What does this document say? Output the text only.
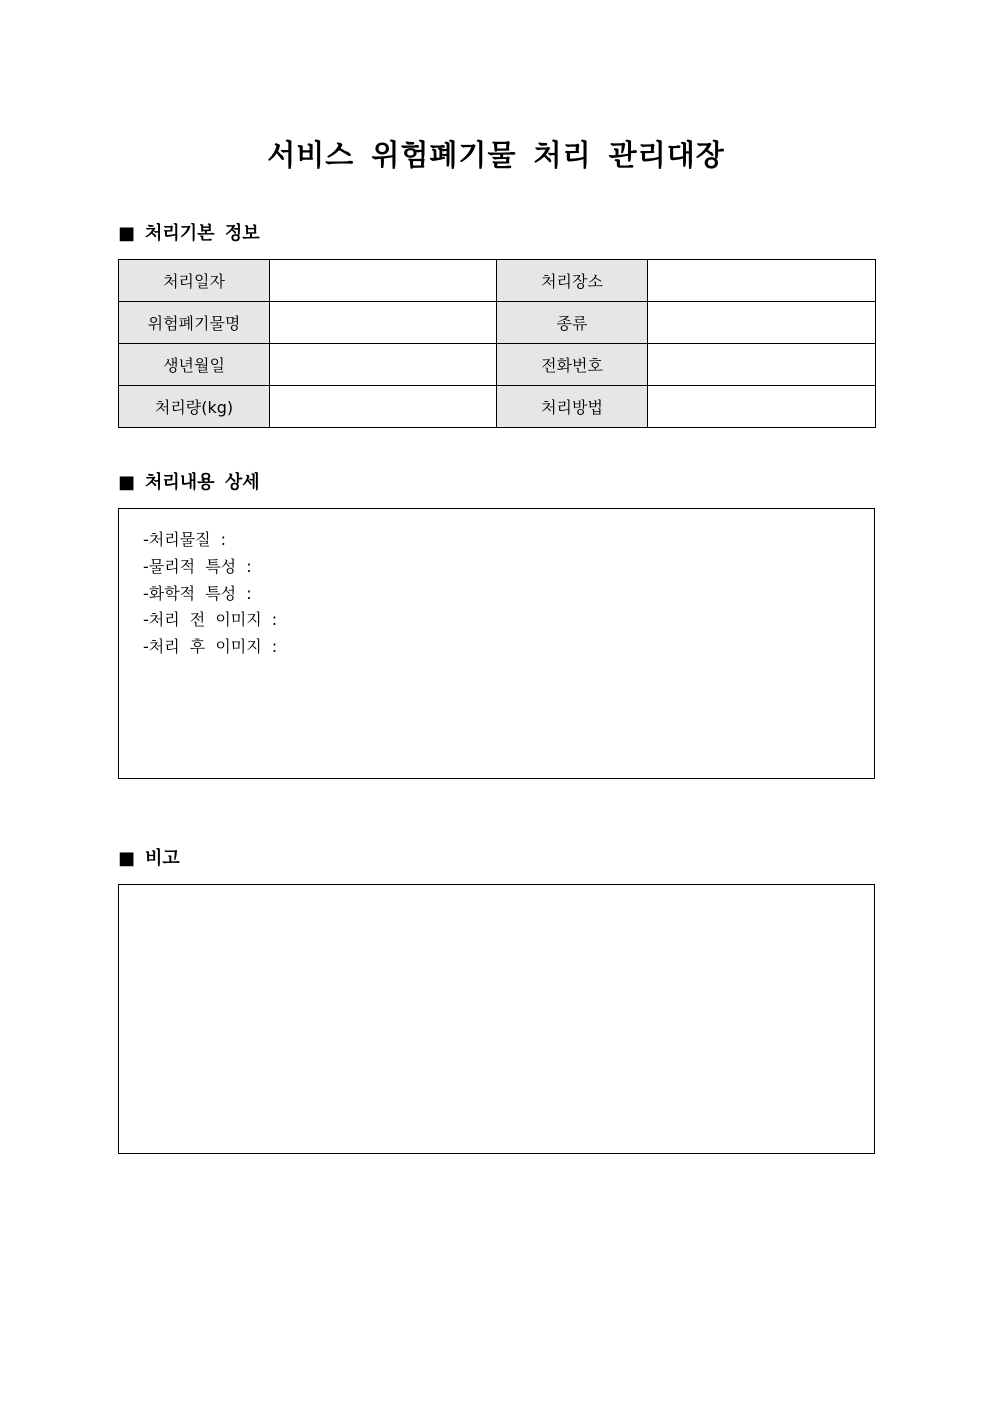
서비스 위험폐기물 처리 관리대장
■ 처리기본 정보
처리일자		처리장소	
위험폐기물명		종류	
생년월일		전화번호	
처리량(kg)		처리방법	
■ 처리내용 상세
-처리물질 :
-물리적 특성 :
-화학적 특성 :
-처리 전 이미지 :
-처리 후 이미지 :
■ 비고
